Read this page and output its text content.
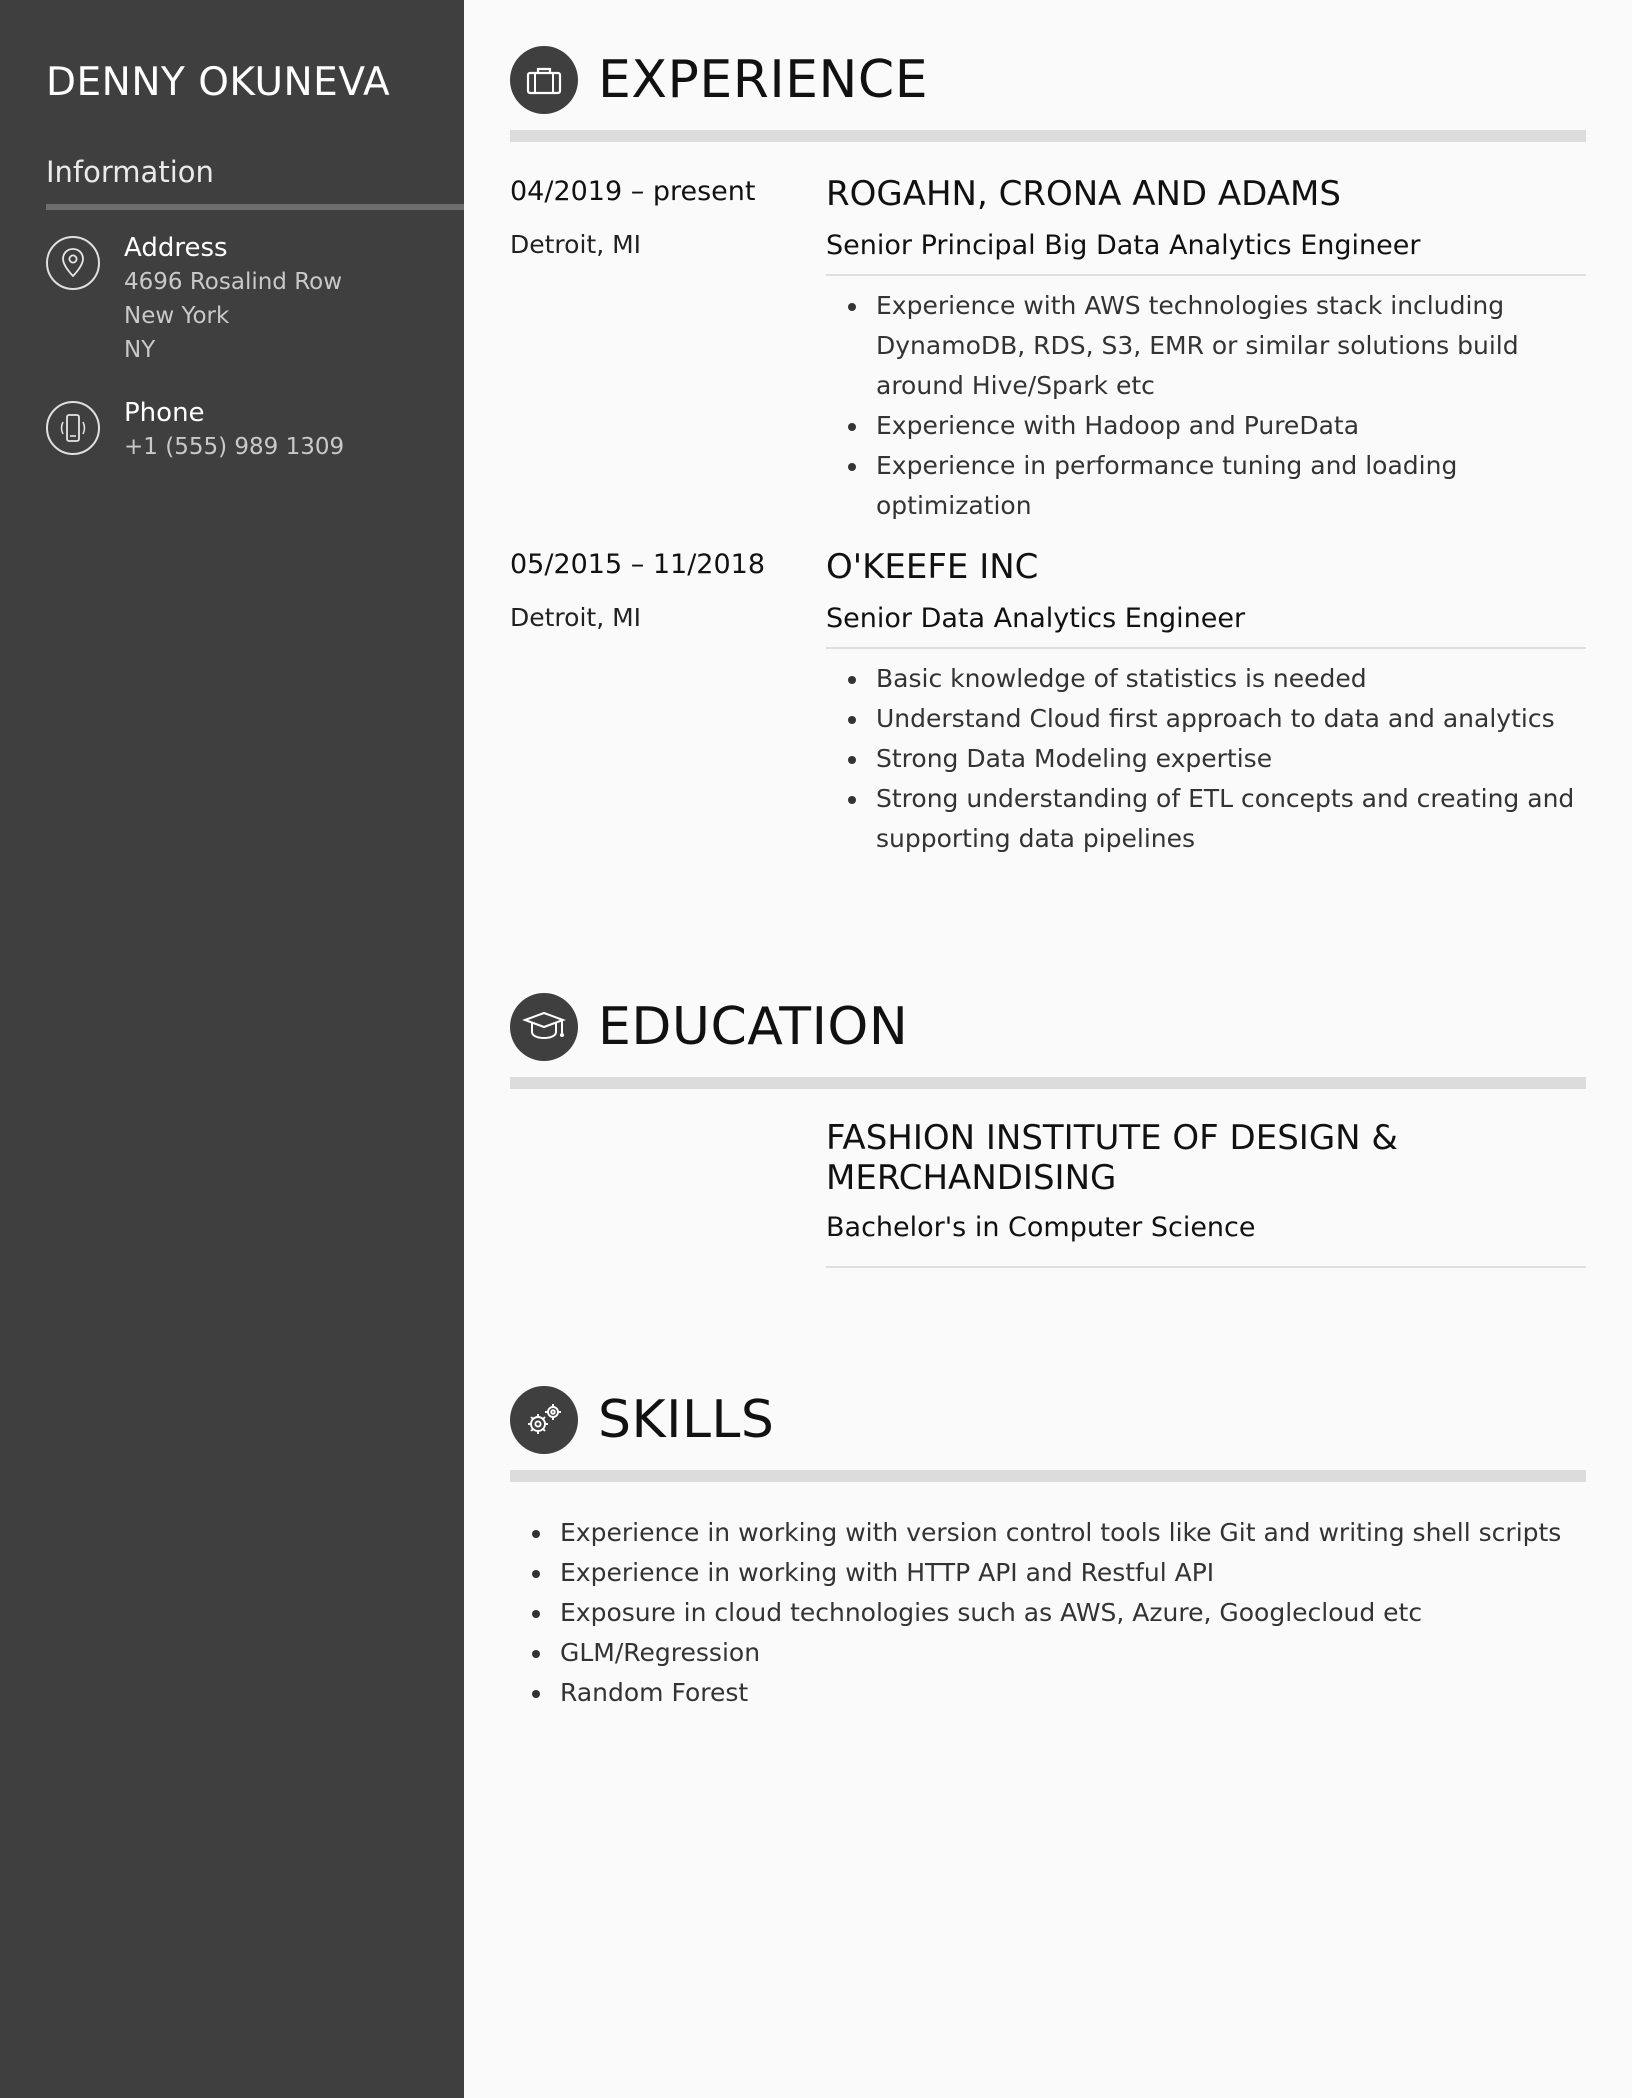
DENNY OKUNEVA
Information
Address
4696 Rosalind Row
New York
NY
Phone
+1 (555) 989 1309
EXPERIENCE
04/2019 – present
Detroit, MI
ROGAHN, CRONA AND ADAMS
Senior Principal Big Data Analytics Engineer
Experience with AWS technologies stack including DynamoDB, RDS, S3, EMR or similar solutions build around Hive/Spark etc
Experience with Hadoop and PureData
Experience in performance tuning and loading optimization
05/2015 – 11/2018
Detroit, MI
O'KEEFE INC
Senior Data Analytics Engineer
Basic knowledge of statistics is needed
Understand Cloud first approach to data and analytics
Strong Data Modeling expertise
Strong understanding of ETL concepts and creating and supporting data pipelines
EDUCATION
FASHION INSTITUTE OF DESIGN & MERCHANDISING
Bachelor's in Computer Science
SKILLS
Experience in working with version control tools like Git and writing shell scripts
Experience in working with HTTP API and Restful API
Exposure in cloud technologies such as AWS, Azure, Googlecloud etc
GLM/Regression
Random Forest
